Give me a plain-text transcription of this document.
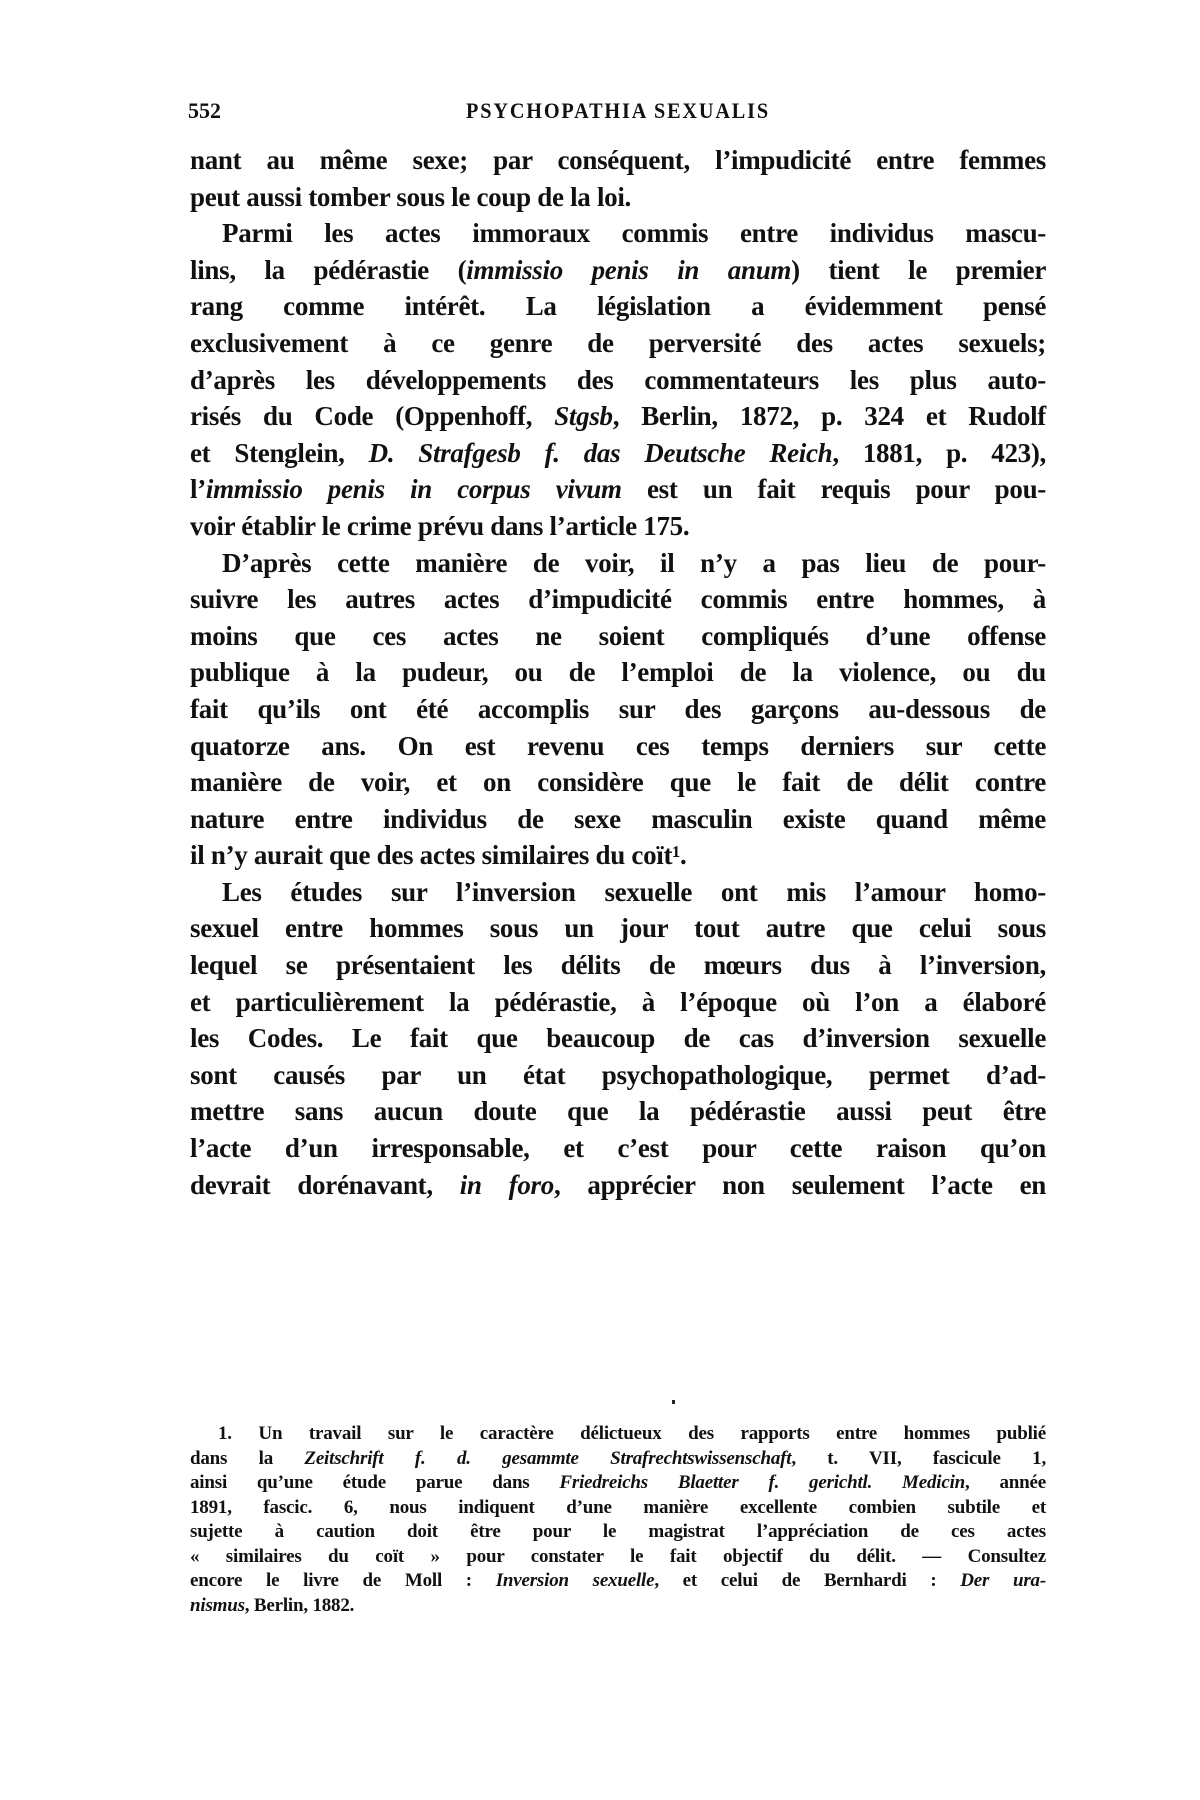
552	PSYCHOPATHIA SEXUALIS
nant au même sexe; par conséquent, l’impudicité entre femmes
peut aussi tomber sous le coup de la loi.
Parmi les actes immoraux commis entre individus mascu-
lins, la pédérastie (immissio penis in anum) tient le premier
rang comme intérêt. La législation a évidemment pensé
exclusivement à ce genre de perversité des actes sexuels;
d’après les développements des commentateurs les plus auto-
risés du Code (Oppenhoff, Stgsb, Berlin, 1872, p. 324 et Rudolf
et Stenglein, D. Strafgesb f. das Deutsche Reich, 1881, p. 423),
l’immissio penis in corpus vivum est un fait requis pour pou-
voir établir le crime prévu dans l’article 175.
D’après cette manière de voir, il n’y a pas lieu de pour-
suivre les autres actes d’impudicité commis entre hommes, à
moins que ces actes ne soient compliqués d’une offense
publique à la pudeur, ou de l’emploi de la violence, ou du
fait qu’ils ont été accomplis sur des garçons au-dessous de
quatorze ans. On est revenu ces temps derniers sur cette
manière de voir, et on considère que le fait de délit contre
nature entre individus de sexe masculin existe quand même
il n’y aurait que des actes similaires du coït¹.
Les études sur l’inversion sexuelle ont mis l’amour homo-
sexuel entre hommes sous un jour tout autre que celui sous
lequel se présentaient les délits de mœurs dus à l’inversion,
et particulièrement la pédérastie, à l’époque où l’on a élaboré
les Codes. Le fait que beaucoup de cas d’inversion sexuelle
sont causés par un état psychopathologique, permet d’ad-
mettre sans aucun doute que la pédérastie aussi peut être
l’acte d’un irresponsable, et c’est pour cette raison qu’on
devrait dorénavant, in foro, apprécier non seulement l’acte en
1. Un travail sur le caractère délictueux des rapports entre hommes publié
dans la Zeitschrift f. d. gesammte Strafrechtswissenschaft, t. VII, fascicule 1,
ainsi qu’une étude parue dans Friedreichs Blaetter f. gerichtl. Medicin, année
1891, fascic. 6, nous indiquent d’une manière excellente combien subtile et
sujette à caution doit être pour le magistrat l’appréciation de ces actes
« similaires du coït » pour constater le fait objectif du délit. — Consultez
encore le livre de Moll : Inversion sexuelle, et celui de Bernhardi : Der ura-
nismus, Berlin, 1882.
